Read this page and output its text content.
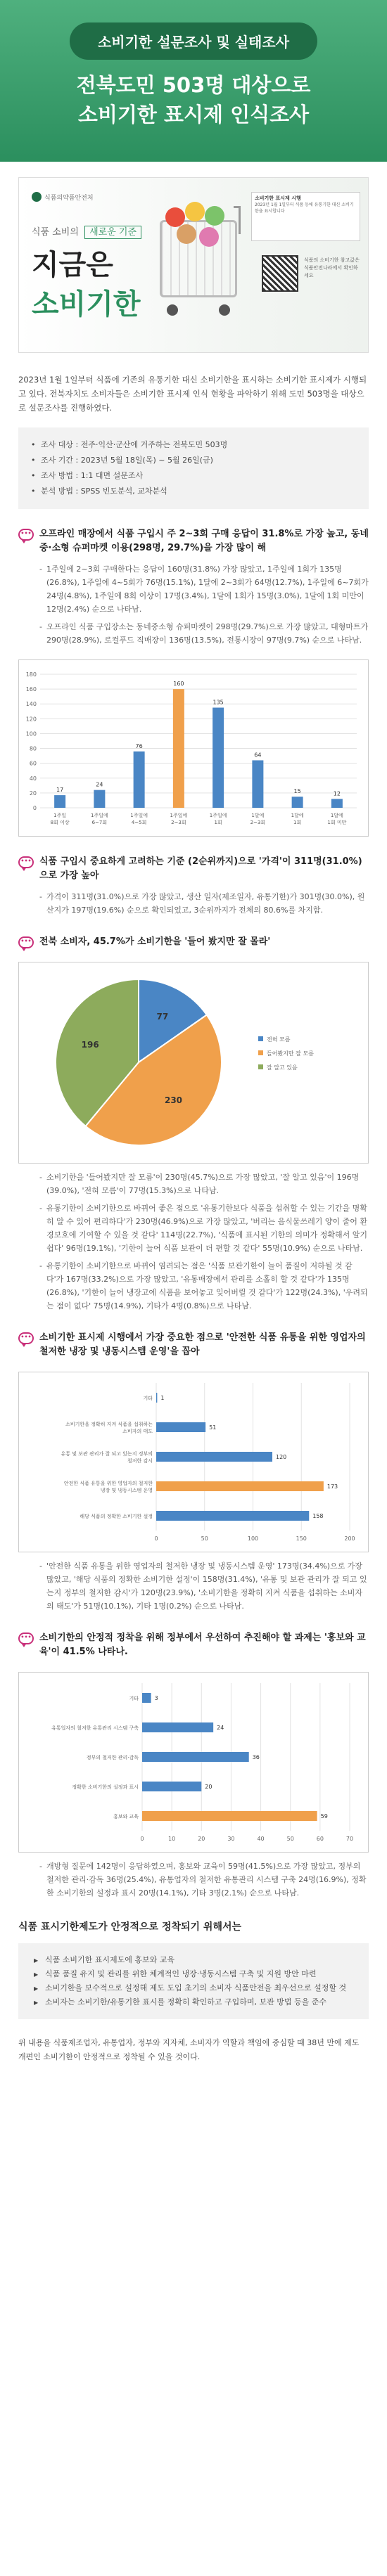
소비기한 설문조사 및 실태조사
전북도민 503명 대상으로
소비기한 표시제 인식조사
식품의약품안전처
식품 소비의 새로운 기준
지금은
소비기한
소비기한 표시제 시행
2023년 1월 1일부터 식품 등에 유통기한 대신 소비기한을 표시합니다
식품의 소비기한 참고값은 식품안전나라에서 확인하세요

2023년 1월 1일부터 식품에 기존의 유통기한 대신 소비기한을 표시하는 소비기한 표시제가 시행되고 있다. 전북자치도 소비자들은 소비기한 표시제 인식 현황을 파악하기 위해 도민 503명을 대상으로 설문조사를 진행하였다.

• 조사 대상 : 전주·익산·군산에 거주하는 전북도민 503명
• 조사 기간 : 2023년 5월 18일(목) ~ 5월 26일(금)
• 조사 방법 : 1:1 대면 설문조사
• 분석 방법 : SPSS 빈도분석, 교차분석
••• 오프라인 매장에서 식품 구입시 주 2~3회 구매 응답이 31.8%로 가장 높고, 동네중·소형 슈퍼마켓 이용(298명, 29.7%)을 가장 많이 해
- 1주일에 2~3회 구매한다는 응답이 160명(31.8%) 가장 많았고, 1주일에 1회가 135명(26.8%), 1주일에 4~5회가 76명(15.1%), 1달에 2~3회가 64명(12.7%), 1주일에 6~7회가 24명(4.8%), 1주일에 8회 이상이 17명(3.4%), 1달에 1회가 15명(3.0%), 1달에 1회 미만이 12명(2.4%) 순으로 나타남.
- 오프라인 식품 구입장소는 동네중소형 슈퍼마켓이 298명(29.7%)으로 가장 많았고, 대형마트가 290명(28.9%), 로컬푸드 직매장이 136명(13.5%), 전통시장이 97명(9.7%) 순으로 나타남.
0
20
40
60
80
100
120
140
160
180
17
1주일
8회 이상
24
1주일에
6~7회
76
1주일에
4~5회
160
1주일에
2~3회
135
1주일에
1회
64
1달에
2~3회
15
1달에
1회
12
1달에
1회 미만
••• 식품 구입시 중요하게 고려하는 기준 (2순위까지)으로 '가격'이 311명(31.0%)으로 가장 높아
- 가격이 311명(31.0%)으로 가장 많았고, 생산 일자(제조일자, 유통기한)가 301명(30.0%), 원산지가 197명(19.6%) 순으로 확인되었고, 3순위까지가 전체의 80.6%를 차지함.
••• 전북 소비자, 45.7%가 소비기한을 '들어 봤지만 잘 몰라'
77
230
196
전혀 모름
들어봤지만 잘 모름
잘 알고 있음
- 소비기한을 '들어봤지만 잘 모름'이 230명(45.7%)으로 가장 많았고, '잘 알고 있음'이 196명(39.0%), '전혀 모름'이 77명(15.3%)으로 나타남.
- 유통기한이 소비기한으로 바뀌어 좋은 점으로 '유통기한보다 식품을 섭취할 수 있는 기간을 명확히 알 수 있어 편리하다'가 230명(46.9%)으로 가장 많았고, '버리는 음식물쓰레기 양이 줄어 환경보호에 기여할 수 있을 것 같다' 114명(22.7%), '식품에 표시된 기한의 의미가 정확해서 알기 쉽다' 96명(19.1%), '기한이 늘어 식품 보관이 더 편할 것 같다' 55명(10.9%) 순으로 나타남.
- 유통기한이 소비기한으로 바뀌어 염려되는 점은 '식품 보관기한이 늘어 품질이 저하될 것 같다'가 167명(33.2%)으로 가장 많았고, '유통매장에서 관리를 소홀히 할 것 같다'가 135명(26.8%), '기한이 늘어 냉장고에 식품을 보어놓고 잊어버릴 것 같다'가 122명(24.3%), '우려되는 점이 없다' 75명(14.9%), 기타가 4명(0.8%)으로 나타남.
••• 소비기한 표시제 시행에서 가장 중요한 점으로 '안전한 식품 유통을 위한 영업자의 철저한 냉장 및 냉동시스템 운영'을 꼽아
0	50	100	150	200
1
기타
51
소비기한을 정확히 지켜 식품을 섭취하는
소비자의 태도
120
유통 및 보관 관리가 잘 되고 있는지 정부의
철저한 감시
173
안전한 식품 유통을 위한 영업자의 철저한
냉장 및 냉동시스템 운영
158
해당 식품의 정확한 소비기한 설정
- '안전한 식품 유통을 위한 영업자의 철저한 냉장 및 냉동시스템 운영' 173명(34.4%)으로 가장 많았고, '해당 식품의 정확한 소비기한 설정'이 158명(31.4%), '유통 및 보관 관리가 잘 되고 있는지 정부의 철저한 감시'가 120명(23.9%), '소비기한을 정확히 지켜 식품을 섭취하는 소비자의 태도'가 51명(10.1%), 기타 1명(0.2%) 순으로 나타남.
••• 소비기한의 안정적 정착을 위해 정부에서 우선하여 추진해야 할 과제는 '홍보와 교육'이 41.5% 나타나.
0	10	20	30	40	50	60	70
3
기타
24
유통업자의 철저한 유통관리 시스템 구축
36
정부의 철저한 관리·감독
20
정확한 소비기한의 설정과 표시
59
홍보와 교육
- 개방형 질문에 142명이 응답하였으며, 홍보와 교육이 59명(41.5%)으로 가장 많았고, 정부의 철저한 관리·감독 36명(25.4%), 유통업자의 철저한 유통관리 시스템 구축 24명(16.9%), 정확한 소비기한의 설정과 표시 20명(14.1%), 기타 3명(2.1%) 순으로 나타남.
식품 표시기한제도가 안정적으로 정착되기 위해서는
▶ 식품 소비기한 표시제도에 홍보와 교육
▶ 식품 품질 유지 및 관리를 위한 체계적인 냉장·냉동시스템 구축 및 지원 방안 마련
▶ 소비기한을 보수적으로 설정해 제도 도입 초기의 소비자 식품안전을 최우선으로 설정할 것
▶ 소비자는 소비기한/유통기한 표시를 정확히 확인하고 구입하며, 보관 방법 등을 준수

위 내용을 식품제조업자, 유통업자, 정부와 지자체, 소비자가 역할과 책임에 중심할 때 38년 만에 제도 개편인 소비기한이 안정적으로 정착될 수 있을 것이다.
